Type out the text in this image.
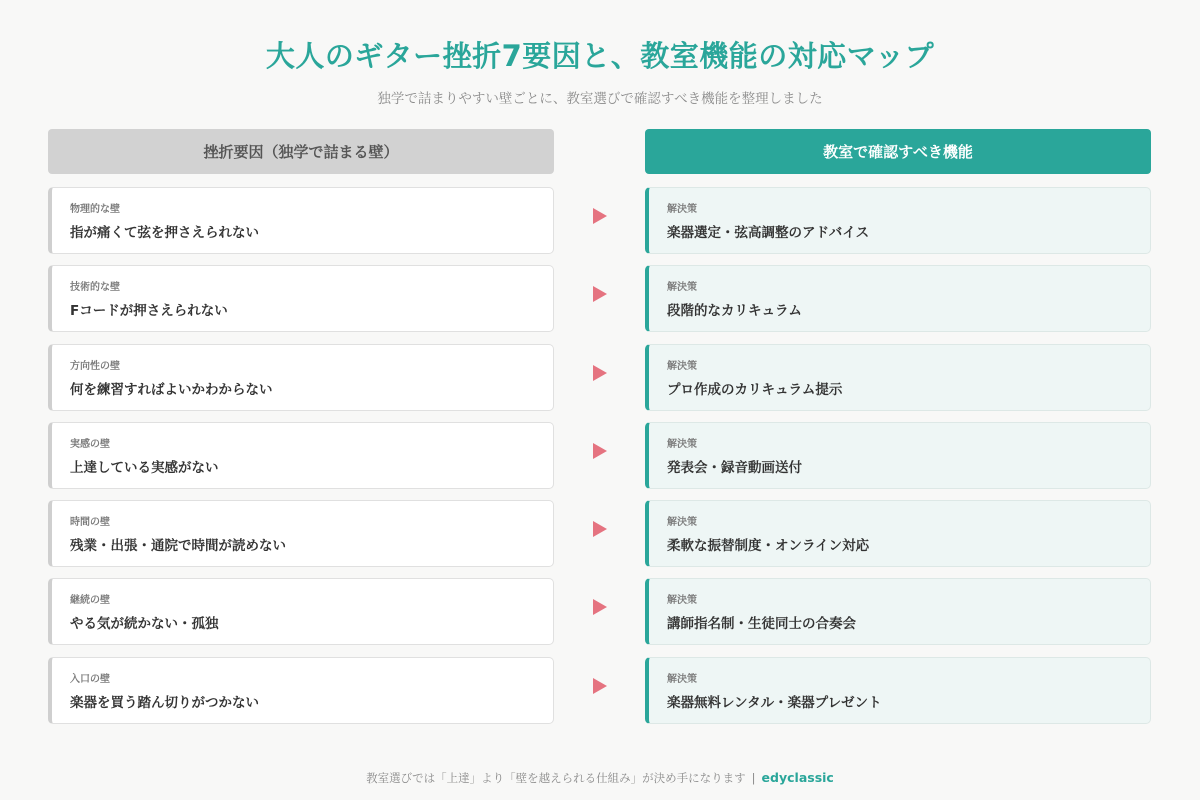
大人のギター挫折7要因と、教室機能の対応マップ
独学で詰まりやすい壁ごとに、教室選びで確認すべき機能を整理しました
挫折要因（独学で詰まる壁）	教室で確認すべき機能
物理的な壁
指が痛くて弦を押さえられない
解決策
楽器選定・弦高調整のアドバイス
技術的な壁
Fコードが押さえられない
解決策
段階的なカリキュラム
方向性の壁
何を練習すればよいかわからない
解決策
プロ作成のカリキュラム提示
実感の壁
上達している実感がない
解決策
発表会・録音動画送付
時間の壁
残業・出張・通院で時間が読めない
解決策
柔軟な振替制度・オンライン対応
継続の壁
やる気が続かない・孤独
解決策
講師指名制・生徒同士の合奏会
入口の壁
楽器を買う踏ん切りがつかない
解決策
楽器無料レンタル・楽器プレゼント
教室選びでは「上達」より「壁を越えられる仕組み」が決め手になります | edyclassic
